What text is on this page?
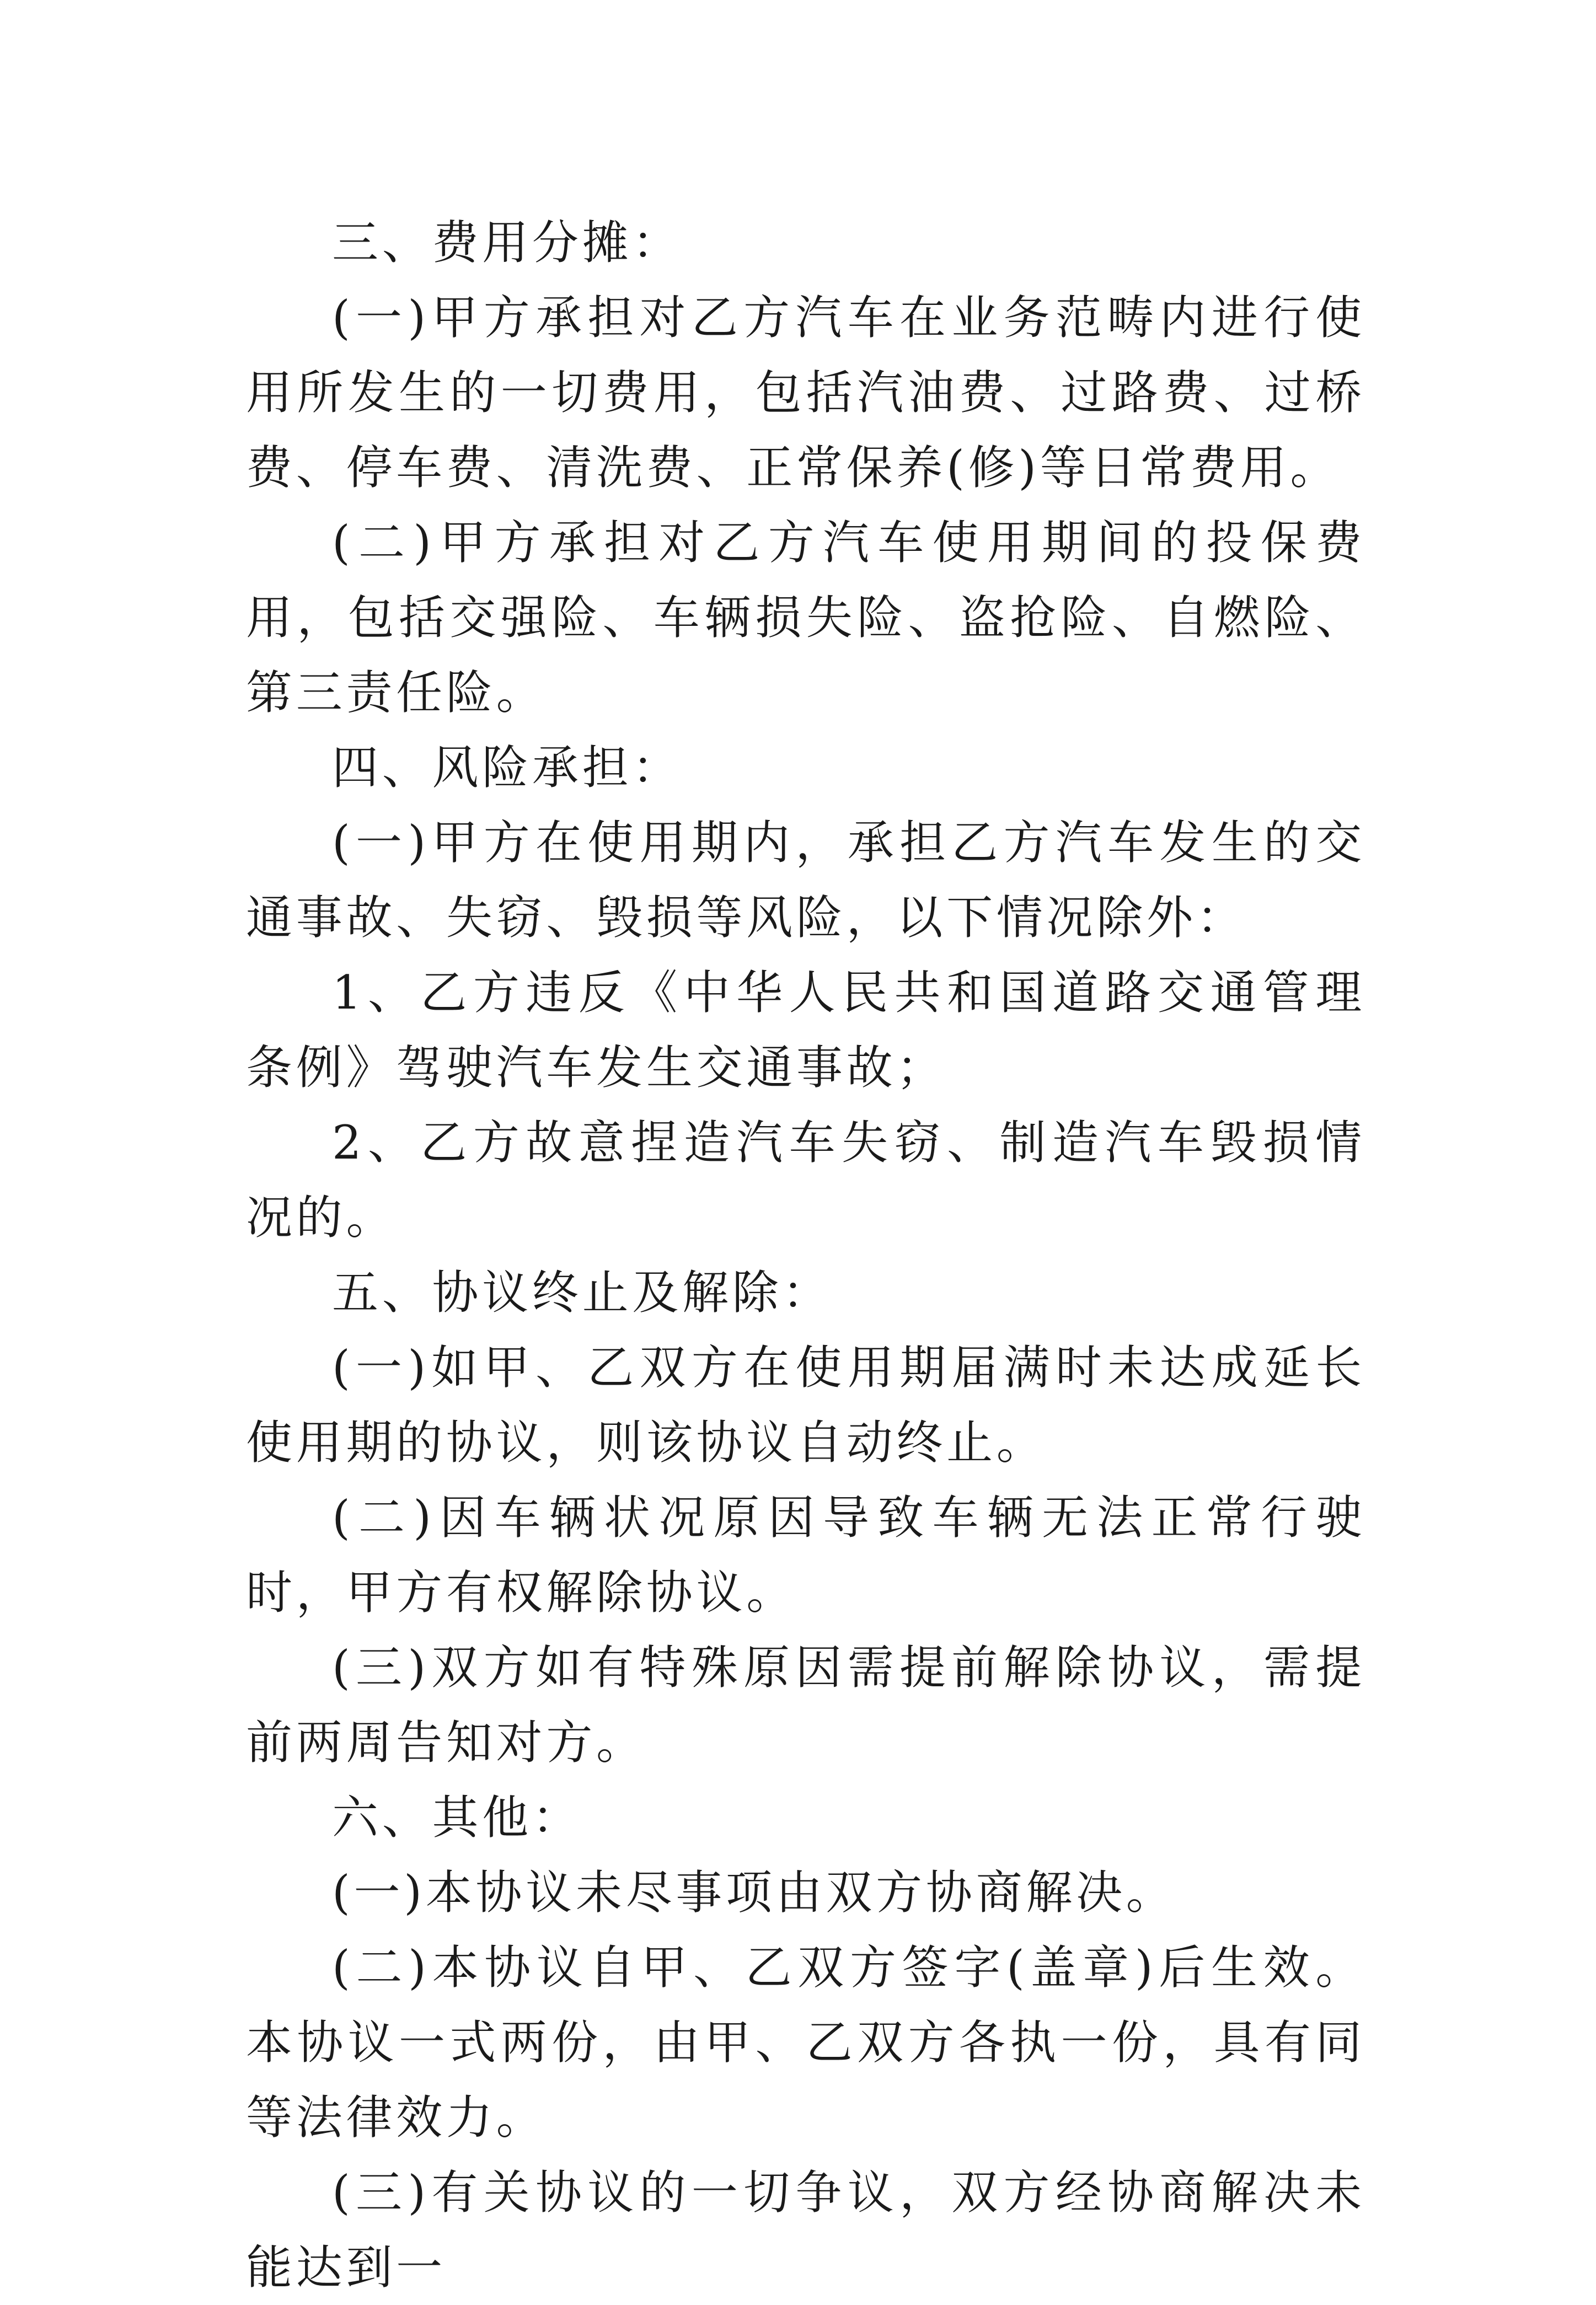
三、费用分摊：

(一)甲方承担对乙方汽车在业务范畴内进行使用所发生的一切费用，包括汽油费、过路费、过桥费、停车费、清洗费、正常保养(修)等日常费用。

(二)甲方承担对乙方汽车使用期间的投保费用，包括交强险、车辆损失险、盗抢险、自燃险、第三责任险。

四、风险承担：

(一)甲方在使用期内，承担乙方汽车发生的交通事故、失窃、毁损等风险，以下情况除外：

1、乙方违反《中华人民共和国道路交通管理条例》驾驶汽车发生交通事故；

2、乙方故意捏造汽车失窃、制造汽车毁损情况的。

五、协议终止及解除：

(一)如甲、乙双方在使用期届满时未达成延长使用期的协议，则该协议自动终止。

(二)因车辆状况原因导致车辆无法正常行驶时，甲方有权解除协议。

(三)双方如有特殊原因需提前解除协议，需提前两周告知对方。

六、其他：

(一)本协议未尽事项由双方协商解决。

(二)本协议自甲、乙双方签字(盖章)后生效。本协议一式两份，由甲、乙双方各执一份，具有同等法律效力。

(三)有关协议的一切争议，双方经协商解决未能达到一
